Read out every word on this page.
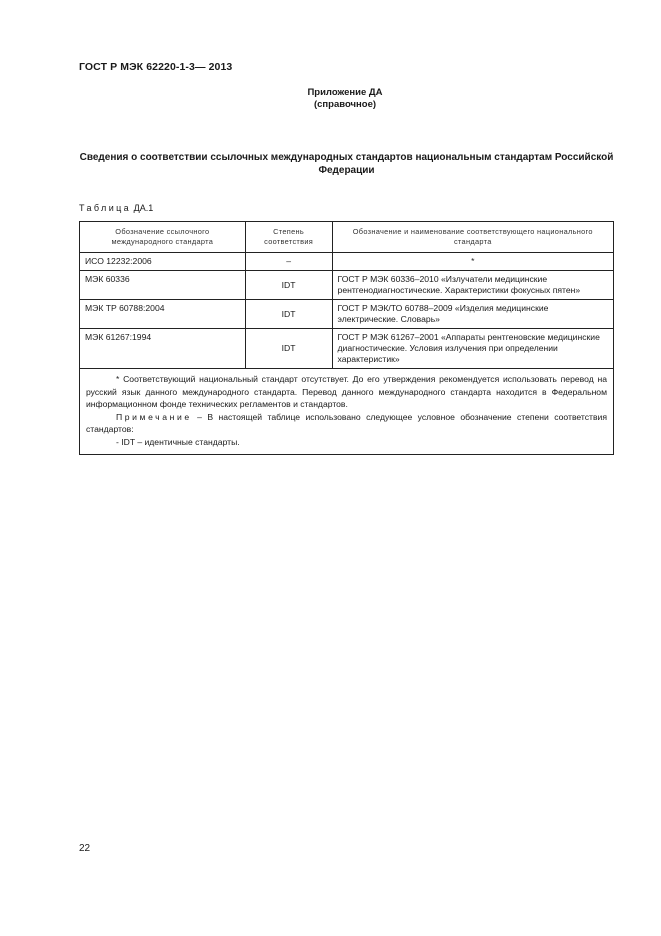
ГОСТ Р МЭК 62220-1-3— 2013
Приложение ДА
(справочное)
Сведения о соответствии ссылочных международных стандартов национальным стандартам Российской Федерации
Таблица ДА.1
Обозначение ссылочного международного стандарта	Степень соответствия	Обозначение и наименование соответствующего национального стандарта
ИСО 12232:2006	–	*
МЭК 60336	IDT	ГОСТ Р МЭК 60336–2010 «Излучатели медицинские рентгенодиагностические. Характеристики фокусных пятен»
МЭК ТР 60788:2004	IDT	ГОСТ Р МЭК/ТО 60788–2009 «Изделия медицинские электрические. Словарь»
МЭК 61267:1994	IDT	ГОСТ Р МЭК 61267–2001 «Аппараты рентгеновские медицинские диагностические. Условия излучения при определении характеристик»

* Соответствующий национальный стандарт отсутствует. До его утверждения рекомендуется использовать перевод на русский язык данного международного стандарта. Перевод данного международного стандарта находится в Федеральном информационном фонде технических регламентов и стандартов.

Примечание – В настоящей таблице использовано следующее условное обозначение степени соответствия стандартов:

- IDT – идентичные стандарты.		

22
